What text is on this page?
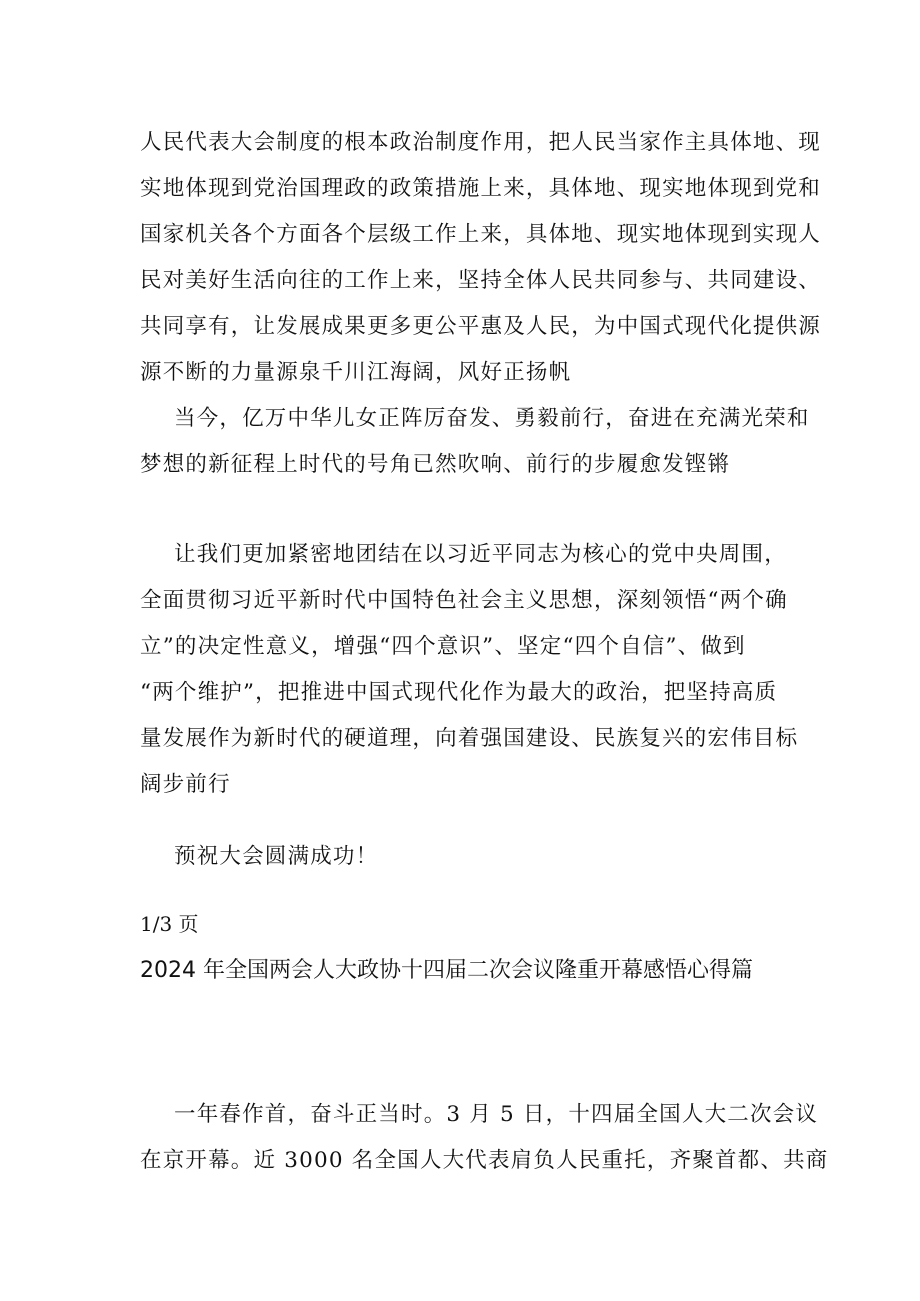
人民代表大会制度的根本政治制度作用，把人民当家作主具体地、现
实地体现到党治国理政的政策措施上来，具体地、现实地体现到党和
国家机关各个方面各个层级工作上来，具体地、现实地体现到实现人
民对美好生活向往的工作上来，坚持全体人民共同参与、共同建设、
共同享有，让发展成果更多更公平惠及人民，为中国式现代化提供源
源不断的力量源泉千川江海阔，风好正扬帆

当今，亿万中华儿女正阵厉奋发、勇毅前行，奋进在充满光荣和
梦想的新征程上时代的号角已然吹响、前行的步履愈发铿锵

让我们更加紧密地团结在以习近平同志为核心的党中央周围，
全面贯彻习近平新时代中国特色社会主义思想，深刻领悟“两个确
立”的决定性意义，增强“四个意识”、坚定“四个自信”、做到
“两个维护”，把推进中国式现代化作为最大的政治，把坚持高质
量发展作为新时代的硬道理，向着强国建设、民族复兴的宏伟目标
阔步前行

预祝大会圆满成功！

1/3 页
2024 年全国两会人大政协十四届二次会议隆重开幕感悟心得篇

一年春作首，奋斗正当时。3 月 5 日，十四届全国人大二次会议
在京开幕。近 3000 名全国人大代表肩负人民重托，齐聚首都、共商
